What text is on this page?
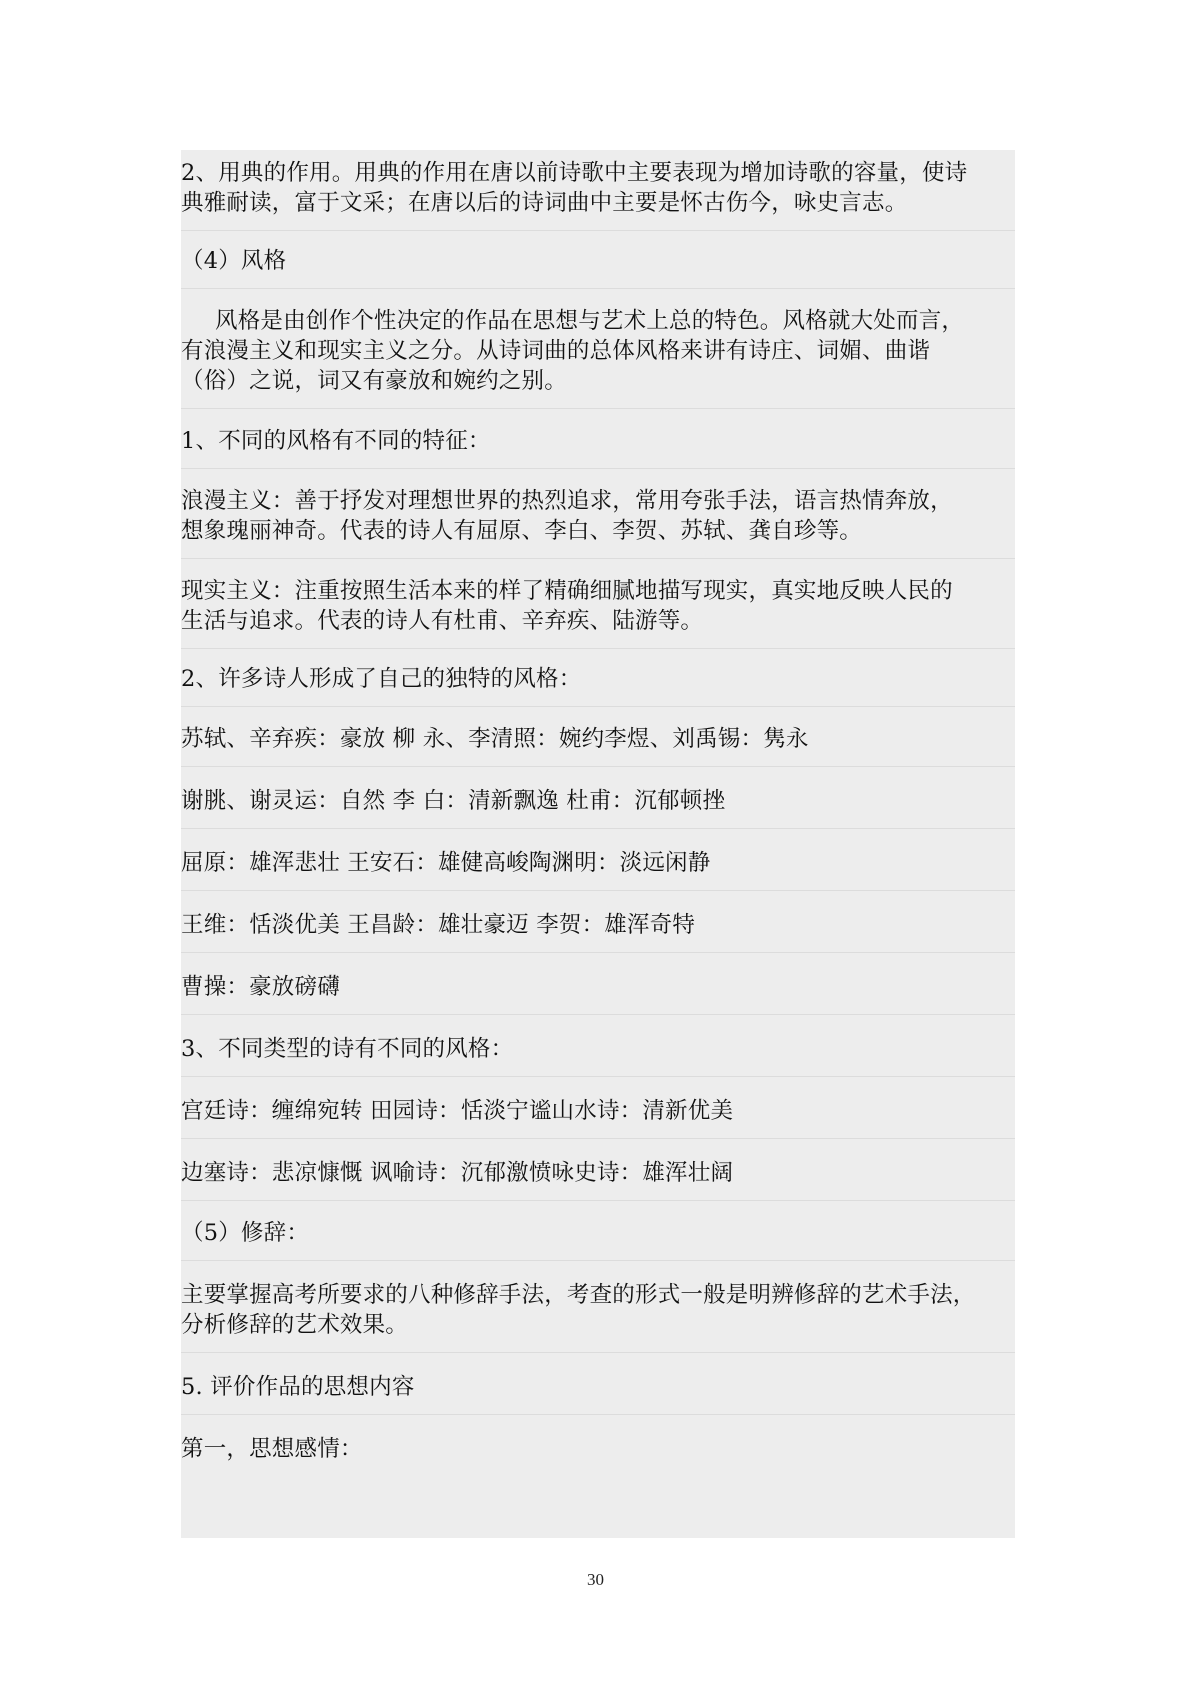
2、用典的作用。用典的作用在唐以前诗歌中主要表现为增加诗歌的容量，使诗
典雅耐读，富于文采；在唐以后的诗词曲中主要是怀古伤今，咏史言志。
（4）风格
风格是由创作个性决定的作品在思想与艺术上总的特色。风格就大处而言，
有浪漫主义和现实主义之分。从诗词曲的总体风格来讲有诗庄、词媚、曲谐
（俗）之说，词又有豪放和婉约之别。
1、不同的风格有不同的特征：
浪漫主义：善于抒发对理想世界的热烈追求，常用夸张手法，语言热情奔放，
想象瑰丽神奇。代表的诗人有屈原、李白、李贺、苏轼、龚自珍等。
现实主义：注重按照生活本来的样了精确细腻地描写现实，真实地反映人民的
生活与追求。代表的诗人有杜甫、辛弃疾、陆游等。
2、许多诗人形成了自己的独特的风格：
苏轼、辛弃疾：豪放 柳 永、李清照：婉约李煜、刘禹锡：隽永
谢朓、谢灵运：自然 李 白：清新飘逸 杜甫：沉郁顿挫
屈原：雄浑悲壮 王安石：雄健高峻陶渊明：淡远闲静
王维：恬淡优美 王昌龄：雄壮豪迈 李贺：雄浑奇特
曹操：豪放磅礴
3、不同类型的诗有不同的风格：
宫廷诗：缠绵宛转 田园诗：恬淡宁谧山水诗：清新优美
边塞诗：悲凉慷慨 讽喻诗：沉郁激愤咏史诗：雄浑壮阔
（5）修辞：
主要掌握高考所要求的八种修辞手法，考查的形式一般是明辨修辞的艺术手法，
分析修辞的艺术效果。
5. 评价作品的思想内容
第一，思想感情：
30
